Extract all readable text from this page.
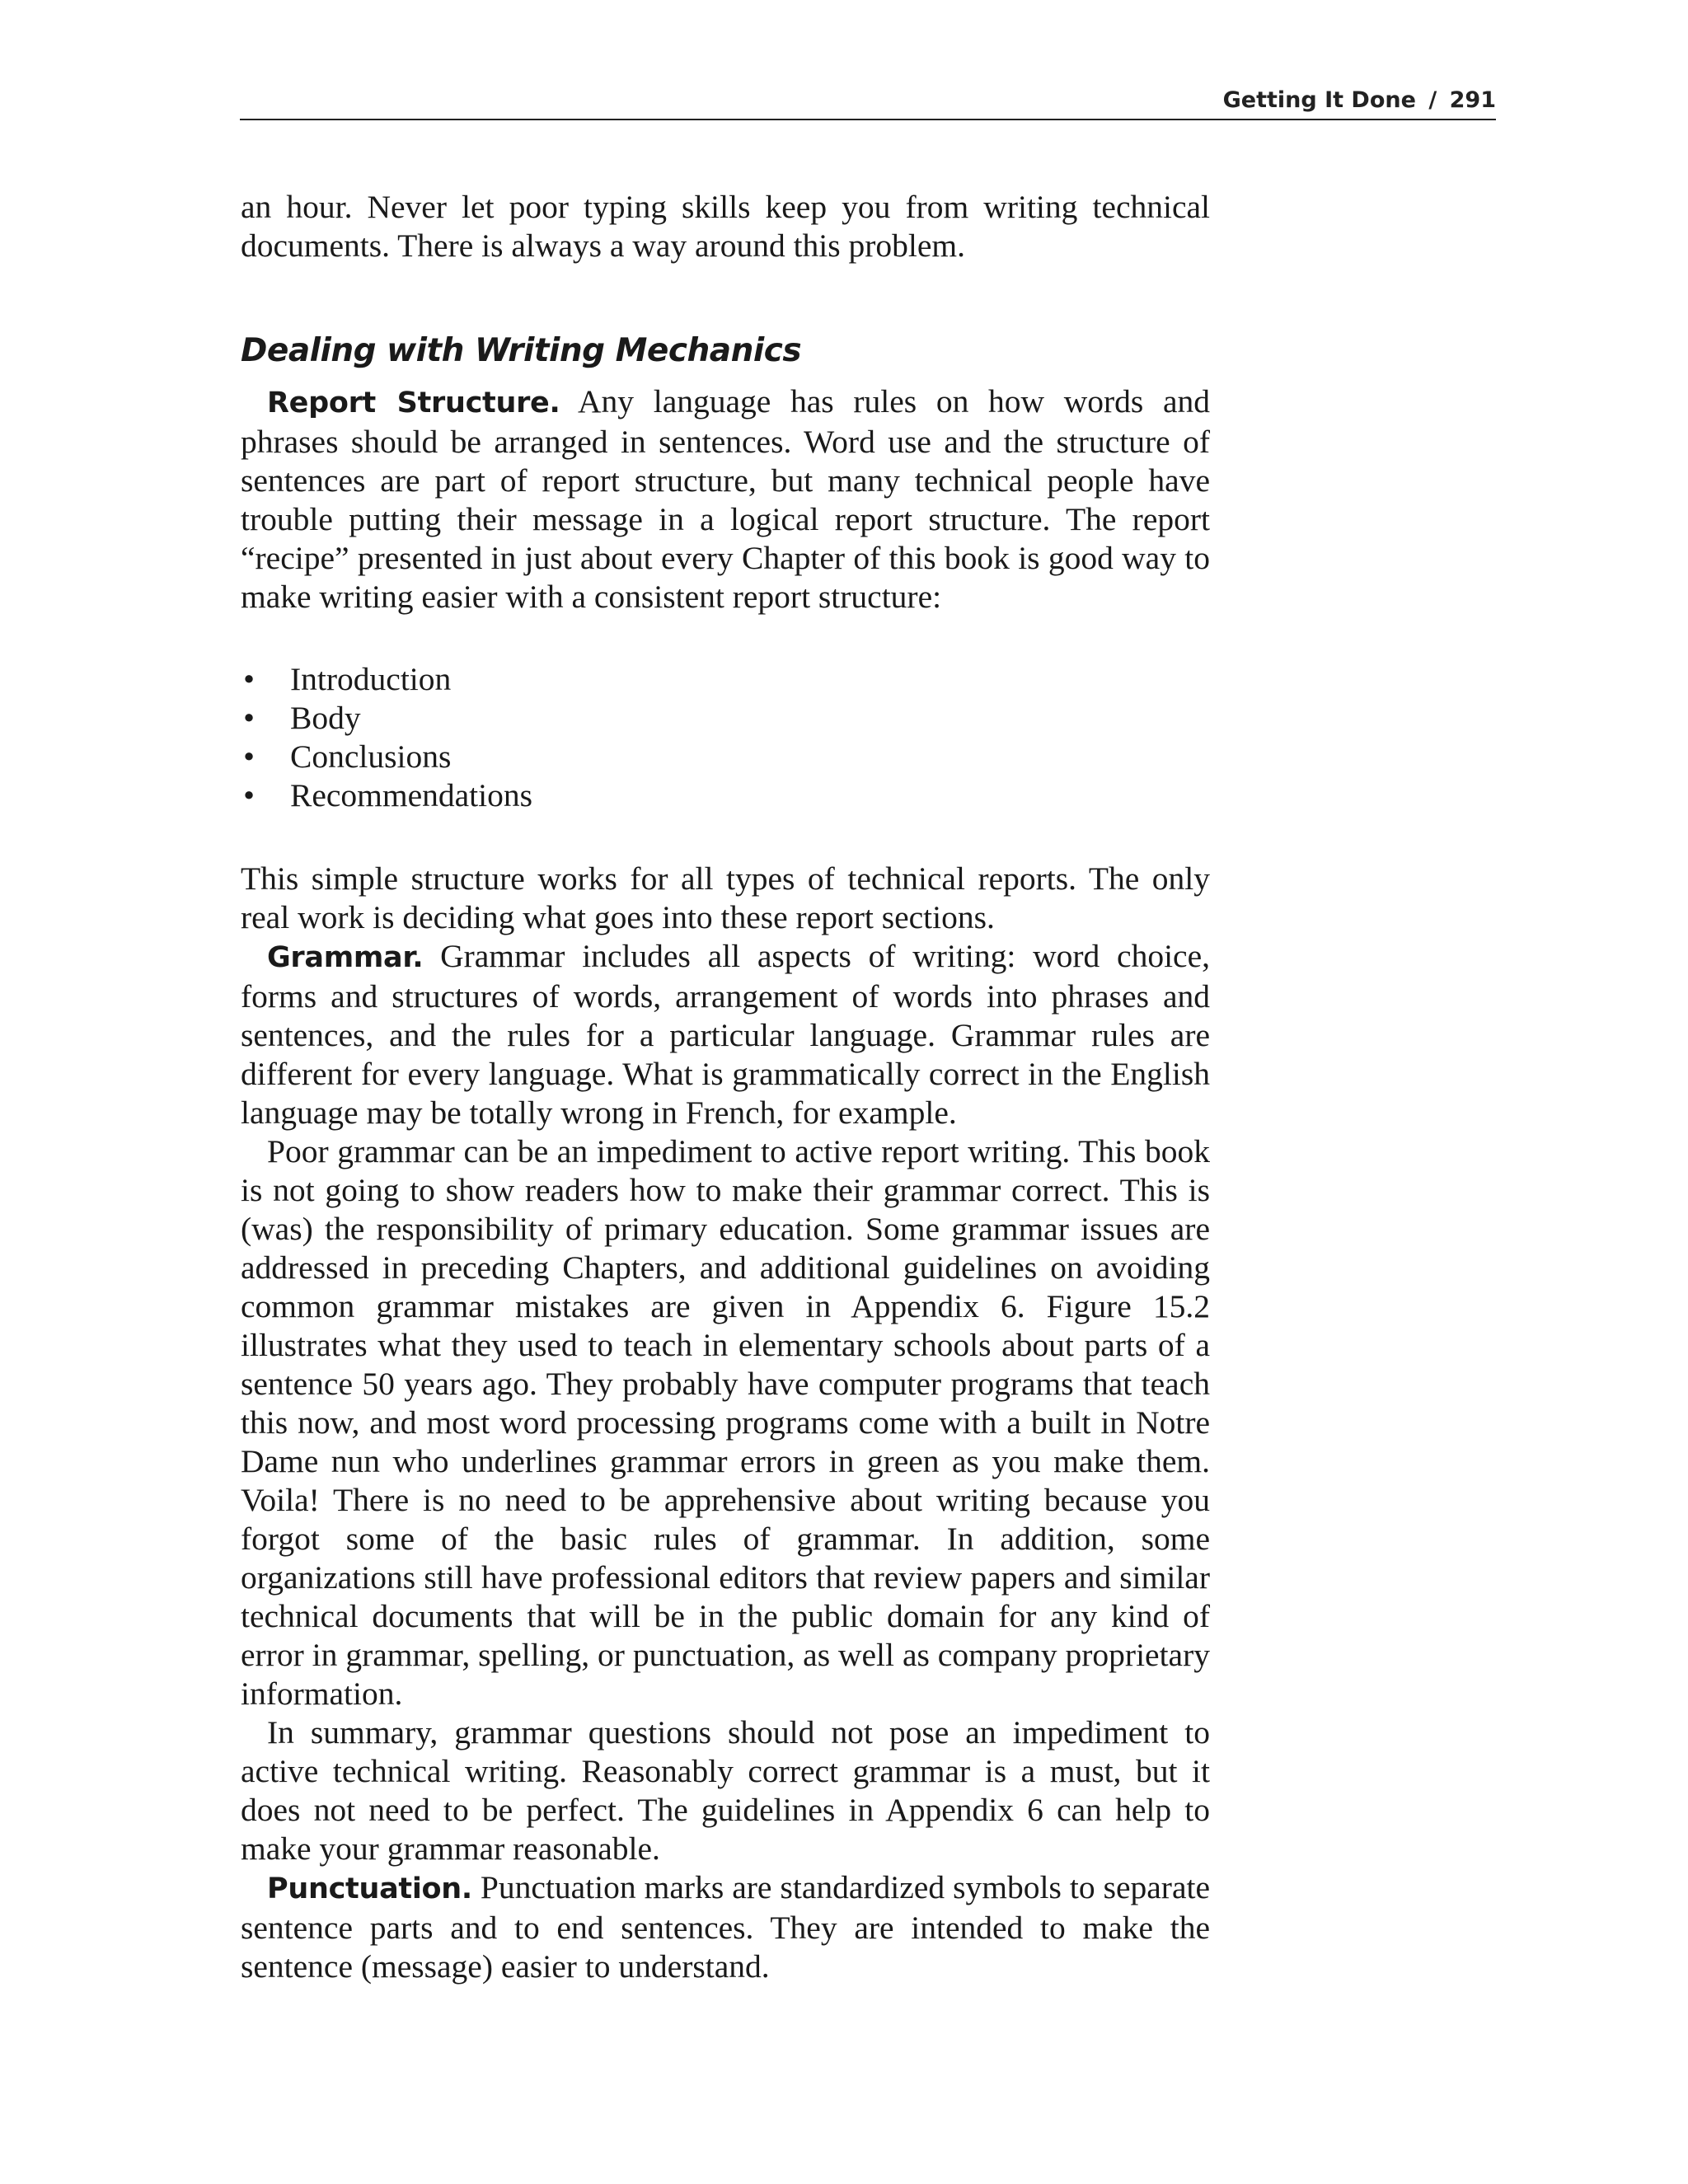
Getting It Done / 291

an hour. Never let poor typing skills keep you from writing technical documents. There is always a way around this problem.

Dealing with Writing Mechanics

Report Structure. Any language has rules on how words and phrases should be arranged in sentences. Word use and the structure of sentences are part of report structure, but many technical people have trouble putting their message in a logical report structure. The report “recipe” presented in just about every Chapter of this book is good way to make writing easier with a consistent report structure:

• Introduction
• Body
• Conclusions
• Recommendations

This simple structure works for all types of technical reports. The only real work is deciding what goes into these report sections.

Grammar. Grammar includes all aspects of writing: word choice, forms and structures of words, arrangement of words into phrases and sentences, and the rules for a particular language. Grammar rules are different for every language. What is grammatically correct in the English language may be totally wrong in French, for example.

Poor grammar can be an impediment to active report writing. This book is not going to show readers how to make their grammar correct. This is (was) the responsibility of primary education. Some grammar issues are addressed in preceding Chapters, and additional guidelines on avoiding common grammar mistakes are given in Appendix 6. Figure 15.2 illustrates what they used to teach in elementary schools about parts of a sentence 50 years ago. They probably have computer programs that teach this now, and most word processing programs come with a built in Notre Dame nun who underlines grammar errors in green as you make them. Voila! There is no need to be apprehensive about writing because you forgot some of the basic rules of grammar. In addition, some organizations still have professional editors that review papers and similar technical documents that will be in the public domain for any kind of error in grammar, spelling, or punctuation, as well as company proprietary information.

In summary, grammar questions should not pose an impediment to active technical writing. Reasonably correct grammar is a must, but it does not need to be perfect. The guidelines in Appendix 6 can help to make your grammar reasonable.

Punctuation. Punctuation marks are standardized symbols to separate sentence parts and to end sentences. They are intended to make the sentence (message) easier to understand.
